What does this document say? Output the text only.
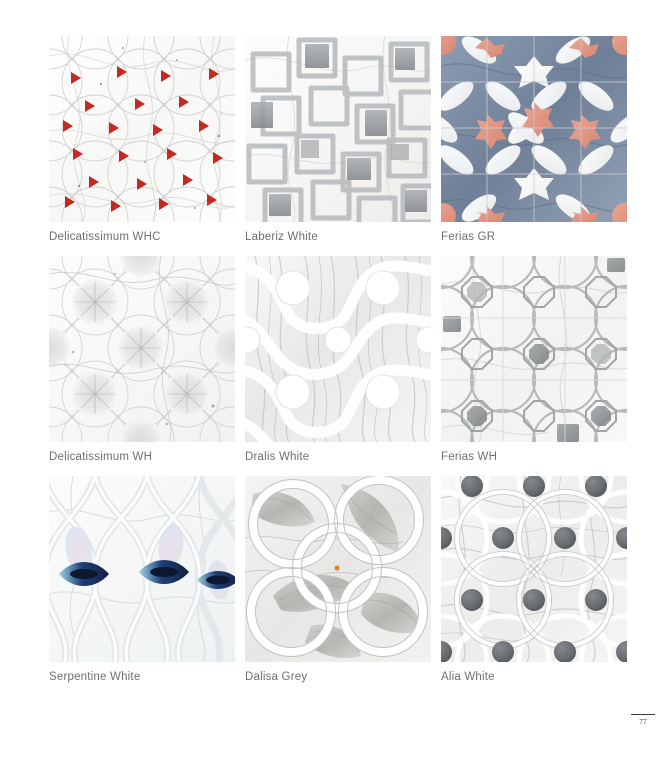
Delicatissimum WHC	Laberiz White	Ferias GR
Delicatissimum WH	Dralis White	Ferias WH
Serpentine White	Dalisa Grey	Alia White
77
